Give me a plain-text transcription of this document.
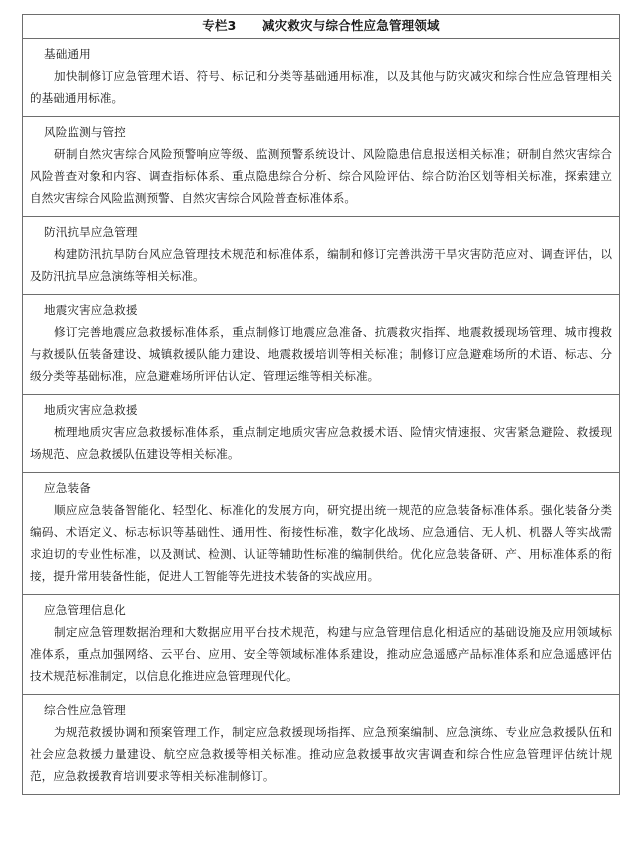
专栏3　　减灾救灾与综合性应急管理领域
基础通用
加快制修订应急管理术语、符号、标记和分类等基础通用标准，以及其他与防灾减灾和综合性应急管理相关的基础通用标准。
风险监测与管控
研制自然灾害综合风险预警响应等级、监测预警系统设计、风险隐患信息报送相关标准；研制自然灾害综合风险普查对象和内容、调查指标体系、重点隐患综合分析、综合风险评估、综合防治区划等相关标准，探索建立自然灾害综合风险监测预警、自然灾害综合风险普查标准体系。
防汛抗旱应急管理
构建防汛抗旱防台风应急管理技术规范和标准体系，编制和修订完善洪涝干旱灾害防范应对、调查评估，以及防汛抗旱应急演练等相关标准。
地震灾害应急救援
修订完善地震应急救援标准体系，重点制修订地震应急准备、抗震救灾指挥、地震救援现场管理、城市搜救与救援队伍装备建设、城镇救援队能力建设、地震救援培训等相关标准；制修订应急避难场所的术语、标志、分级分类等基础标准，应急避难场所评估认定、管理运维等相关标准。
地质灾害应急救援
梳理地质灾害应急救援标准体系，重点制定地质灾害应急救援术语、险情灾情速报、灾害紧急避险、救援现场规范、应急救援队伍建设等相关标准。
应急装备
顺应应急装备智能化、轻型化、标准化的发展方向，研究提出统一规范的应急装备标准体系。强化装备分类编码、术语定义、标志标识等基础性、通用性、衔接性标准，数字化战场、应急通信、无人机、机器人等实战需求迫切的专业性标准，以及测试、检测、认证等辅助性标准的编制供给。优化应急装备研、产、用标准体系的衔接，提升常用装备性能，促进人工智能等先进技术装备的实战应用。
应急管理信息化
制定应急管理数据治理和大数据应用平台技术规范，构建与应急管理信息化相适应的基础设施及应用领域标准体系，重点加强网络、云平台、应用、安全等领域标准体系建设，推动应急遥感产品标准体系和应急遥感评估技术规范标准制定，以信息化推进应急管理现代化。
综合性应急管理
为规范救援协调和预案管理工作，制定应急救援现场指挥、应急预案编制、应急演练、专业应急救援队伍和社会应急救援力量建设、航空应急救援等相关标准。推动应急救援事故灾害调查和综合性应急管理评估统计规范，应急救援教育培训要求等相关标准制修订。
